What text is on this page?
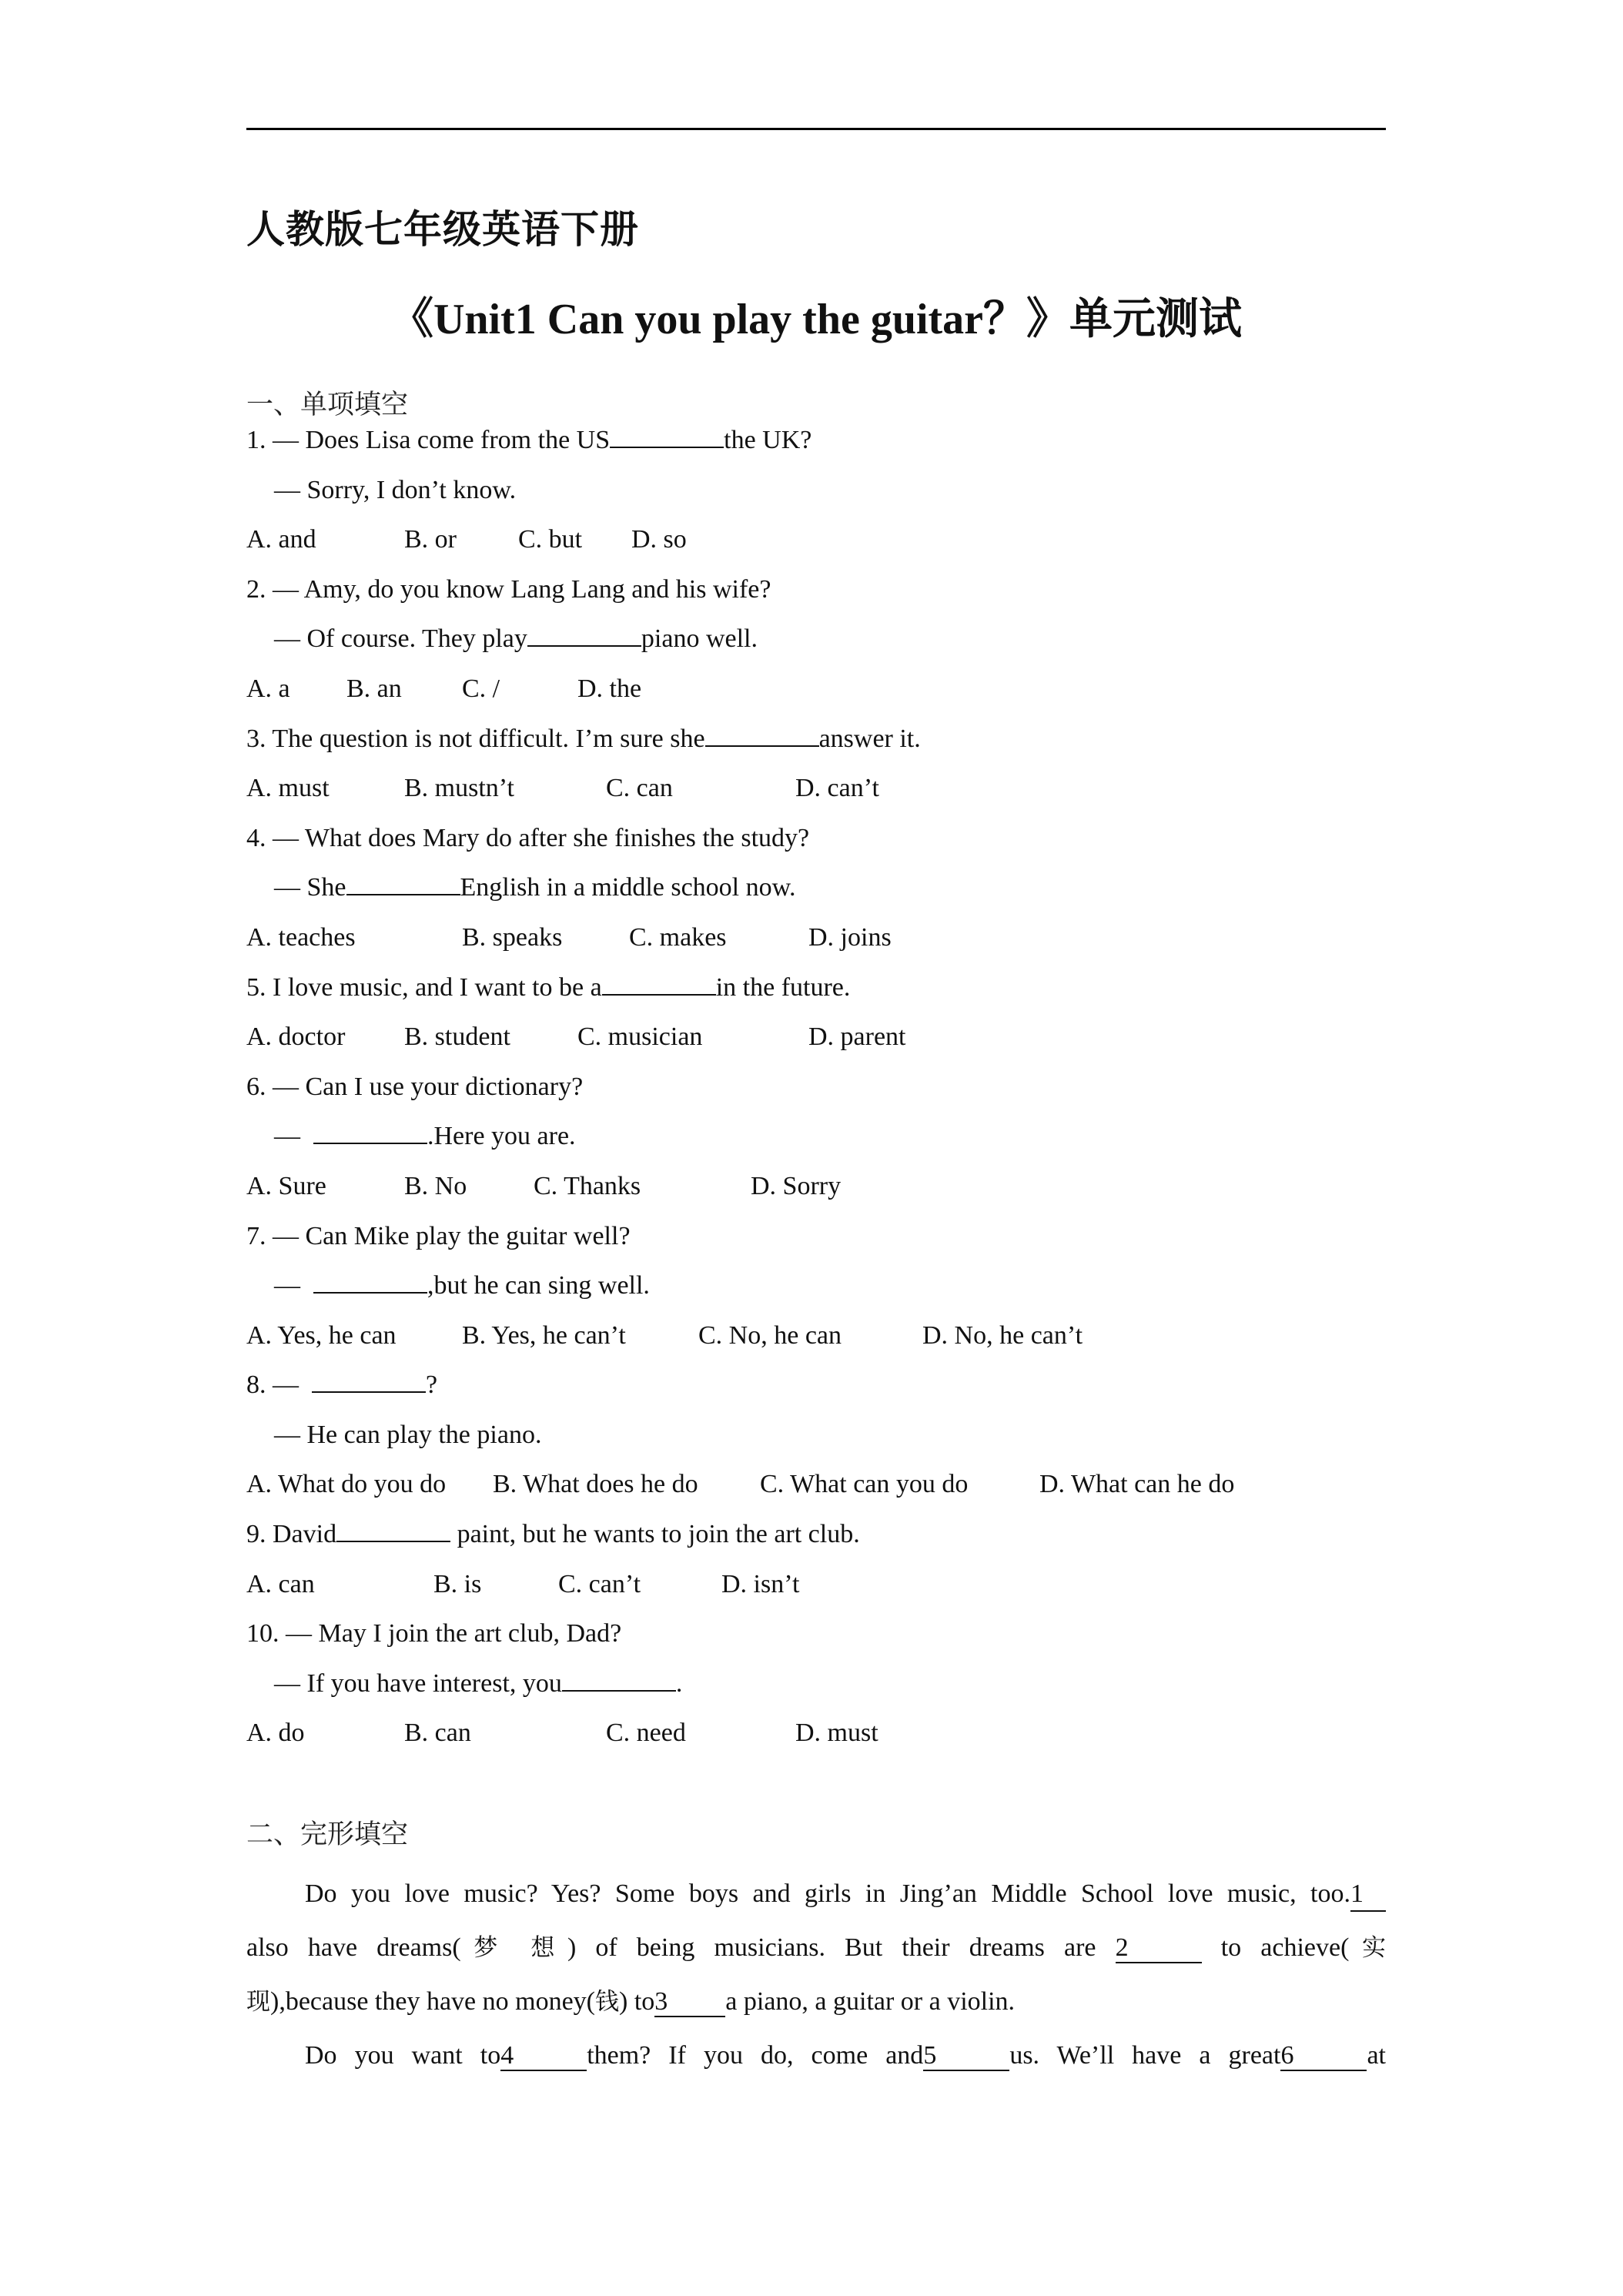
人教版七年级英语下册
《Unit1 Can you play the guitar？》单元测试
一、单项填空
1. — Does Lisa come from the US	the UK?
— Sorry, I don’t know.
A. and	B. or C. but D. so
2. — Amy, do you know Lang Lang and his wife?
— Of course. They play	piano well.
A. a B. an C. /	D. the
3. The question is not difficult. I’m sure she	answer it.
A. must	B. mustn’t	C. can	D. can’t
4. — What does Mary do after she finishes the study?
— She	English in a middle school now.
A. teaches	B. speaks	C. makes	D. joins
5. I love music, and I want to be a	in the future.
A. doctor B. student	C. musician	D. parent
6. — Can I use your dictionary?
—	.Here you are.
A. Sure	B. No	C. Thanks	D. Sorry
7. — Can Mike play the guitar well?
—	,but he can sing well.
A. Yes, he can	B. Yes, he can’t	C. No, he can	D. No, he can’t
8. —	?
— He can play the piano.
A. What do you do B. What does he do C. What can you do	D. What can he do
9. David	paint, but he wants to join the art club.
A. can	B. is	C. can’t	D. isn’t
10. — May I join the art club, Dad?
— If you have interest, you	.
A. do	B. can	C. need	D. must
二、完形填空

Do you love music? Yes? Some boys and girls in Jing’an Middle School love music, too.1

also have dreams(梦 想) of being musicians. But their dreams are 2	to achieve(实

现),because they have no money(钱) to3 a piano, a guitar or a violin.

Do you want to4	them? If you do, come and5	us. We’ll have a great6	at
